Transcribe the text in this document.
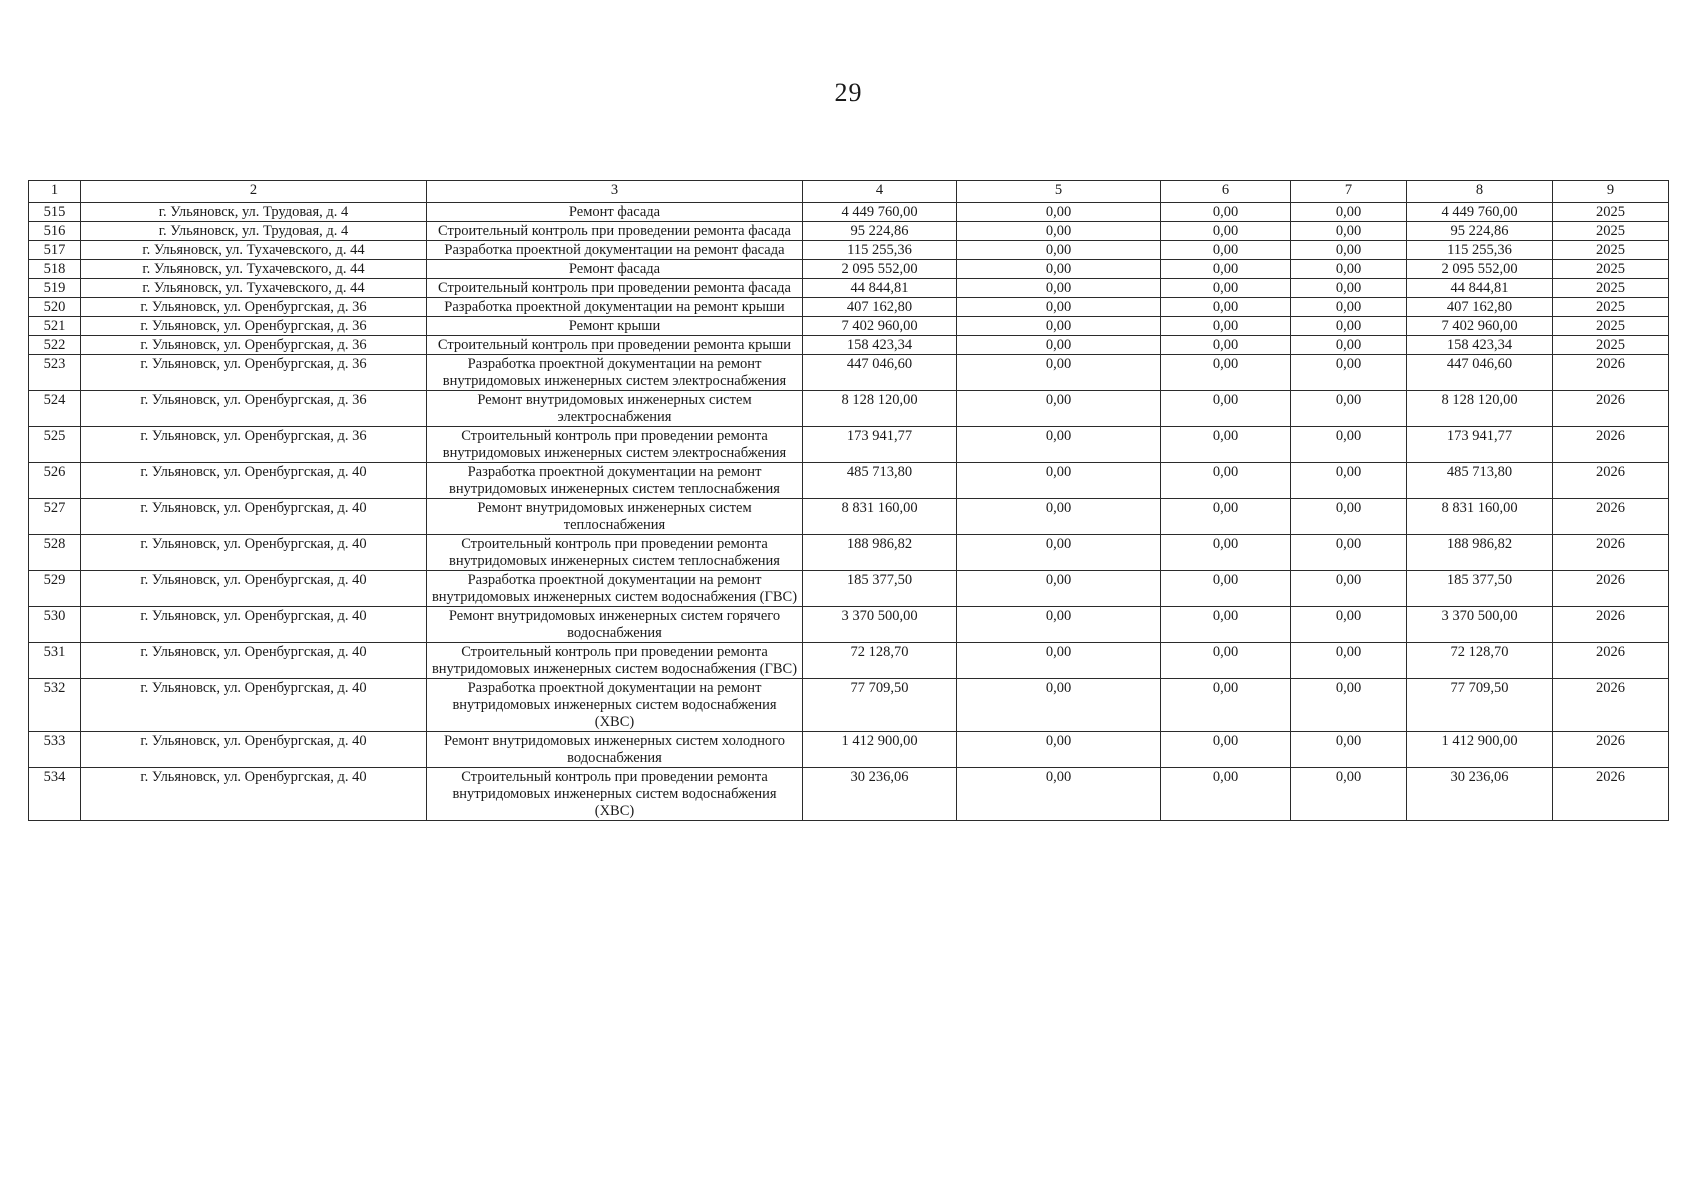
29
1	2	3	4	5	6	7	8	9
515	г. Ульяновск, ул. Трудовая, д. 4	Ремонт фасада	4 449 760,00	0,00	0,00	0,00	4 449 760,00	2025
516	г. Ульяновск, ул. Трудовая, д. 4	Строительный контроль при проведении ремонта фасада	95 224,86	0,00	0,00	0,00	95 224,86	2025
517	г. Ульяновск, ул. Тухачевского, д. 44	Разработка проектной документации на ремонт фасада	115 255,36	0,00	0,00	0,00	115 255,36	2025
518	г. Ульяновск, ул. Тухачевского, д. 44	Ремонт фасада	2 095 552,00	0,00	0,00	0,00	2 095 552,00	2025
519	г. Ульяновск, ул. Тухачевского, д. 44	Строительный контроль при проведении ремонта фасада	44 844,81	0,00	0,00	0,00	44 844,81	2025
520	г. Ульяновск, ул. Оренбургская, д. 36	Разработка проектной документации на ремонт крыши	407 162,80	0,00	0,00	0,00	407 162,80	2025
521	г. Ульяновск, ул. Оренбургская, д. 36	Ремонт крыши	7 402 960,00	0,00	0,00	0,00	7 402 960,00	2025
522	г. Ульяновск, ул. Оренбургская, д. 36	Строительный контроль при проведении ремонта крыши	158 423,34	0,00	0,00	0,00	158 423,34	2025
523	г. Ульяновск, ул. Оренбургская, д. 36	Разработка проектной документации на ремонт внутридомовых инженерных систем электроснабжения	447 046,60	0,00	0,00	0,00	447 046,60	2026
524	г. Ульяновск, ул. Оренбургская, д. 36	Ремонт внутридомовых инженерных систем электроснабжения	8 128 120,00	0,00	0,00	0,00	8 128 120,00	2026
525	г. Ульяновск, ул. Оренбургская, д. 36	Строительный контроль при проведении ремонта внутридомовых инженерных систем электроснабжения	173 941,77	0,00	0,00	0,00	173 941,77	2026
526	г. Ульяновск, ул. Оренбургская, д. 40	Разработка проектной документации на ремонт внутридомовых инженерных систем теплоснабжения	485 713,80	0,00	0,00	0,00	485 713,80	2026
527	г. Ульяновск, ул. Оренбургская, д. 40	Ремонт внутридомовых инженерных систем теплоснабжения	8 831 160,00	0,00	0,00	0,00	8 831 160,00	2026
528	г. Ульяновск, ул. Оренбургская, д. 40	Строительный контроль при проведении ремонта внутридомовых инженерных систем теплоснабжения	188 986,82	0,00	0,00	0,00	188 986,82	2026
529	г. Ульяновск, ул. Оренбургская, д. 40	Разработка проектной документации на ремонт внутридомовых инженерных систем водоснабжения (ГВС)	185 377,50	0,00	0,00	0,00	185 377,50	2026
530	г. Ульяновск, ул. Оренбургская, д. 40	Ремонт внутридомовых инженерных систем горячего водоснабжения	3 370 500,00	0,00	0,00	0,00	3 370 500,00	2026
531	г. Ульяновск, ул. Оренбургская, д. 40	Строительный контроль при проведении ремонта внутридомовых инженерных систем водоснабжения (ГВС)	72 128,70	0,00	0,00	0,00	72 128,70	2026
532	г. Ульяновск, ул. Оренбургская, д. 40	Разработка проектной документации на ремонт внутридомовых инженерных систем водоснабжения (ХВС)	77 709,50	0,00	0,00	0,00	77 709,50	2026
533	г. Ульяновск, ул. Оренбургская, д. 40	Ремонт внутридомовых инженерных систем холодного водоснабжения	1 412 900,00	0,00	0,00	0,00	1 412 900,00	2026
534	г. Ульяновск, ул. Оренбургская, д. 40	Строительный контроль при проведении ремонта внутридомовых инженерных систем водоснабжения (ХВС)	30 236,06	0,00	0,00	0,00	30 236,06	2026
